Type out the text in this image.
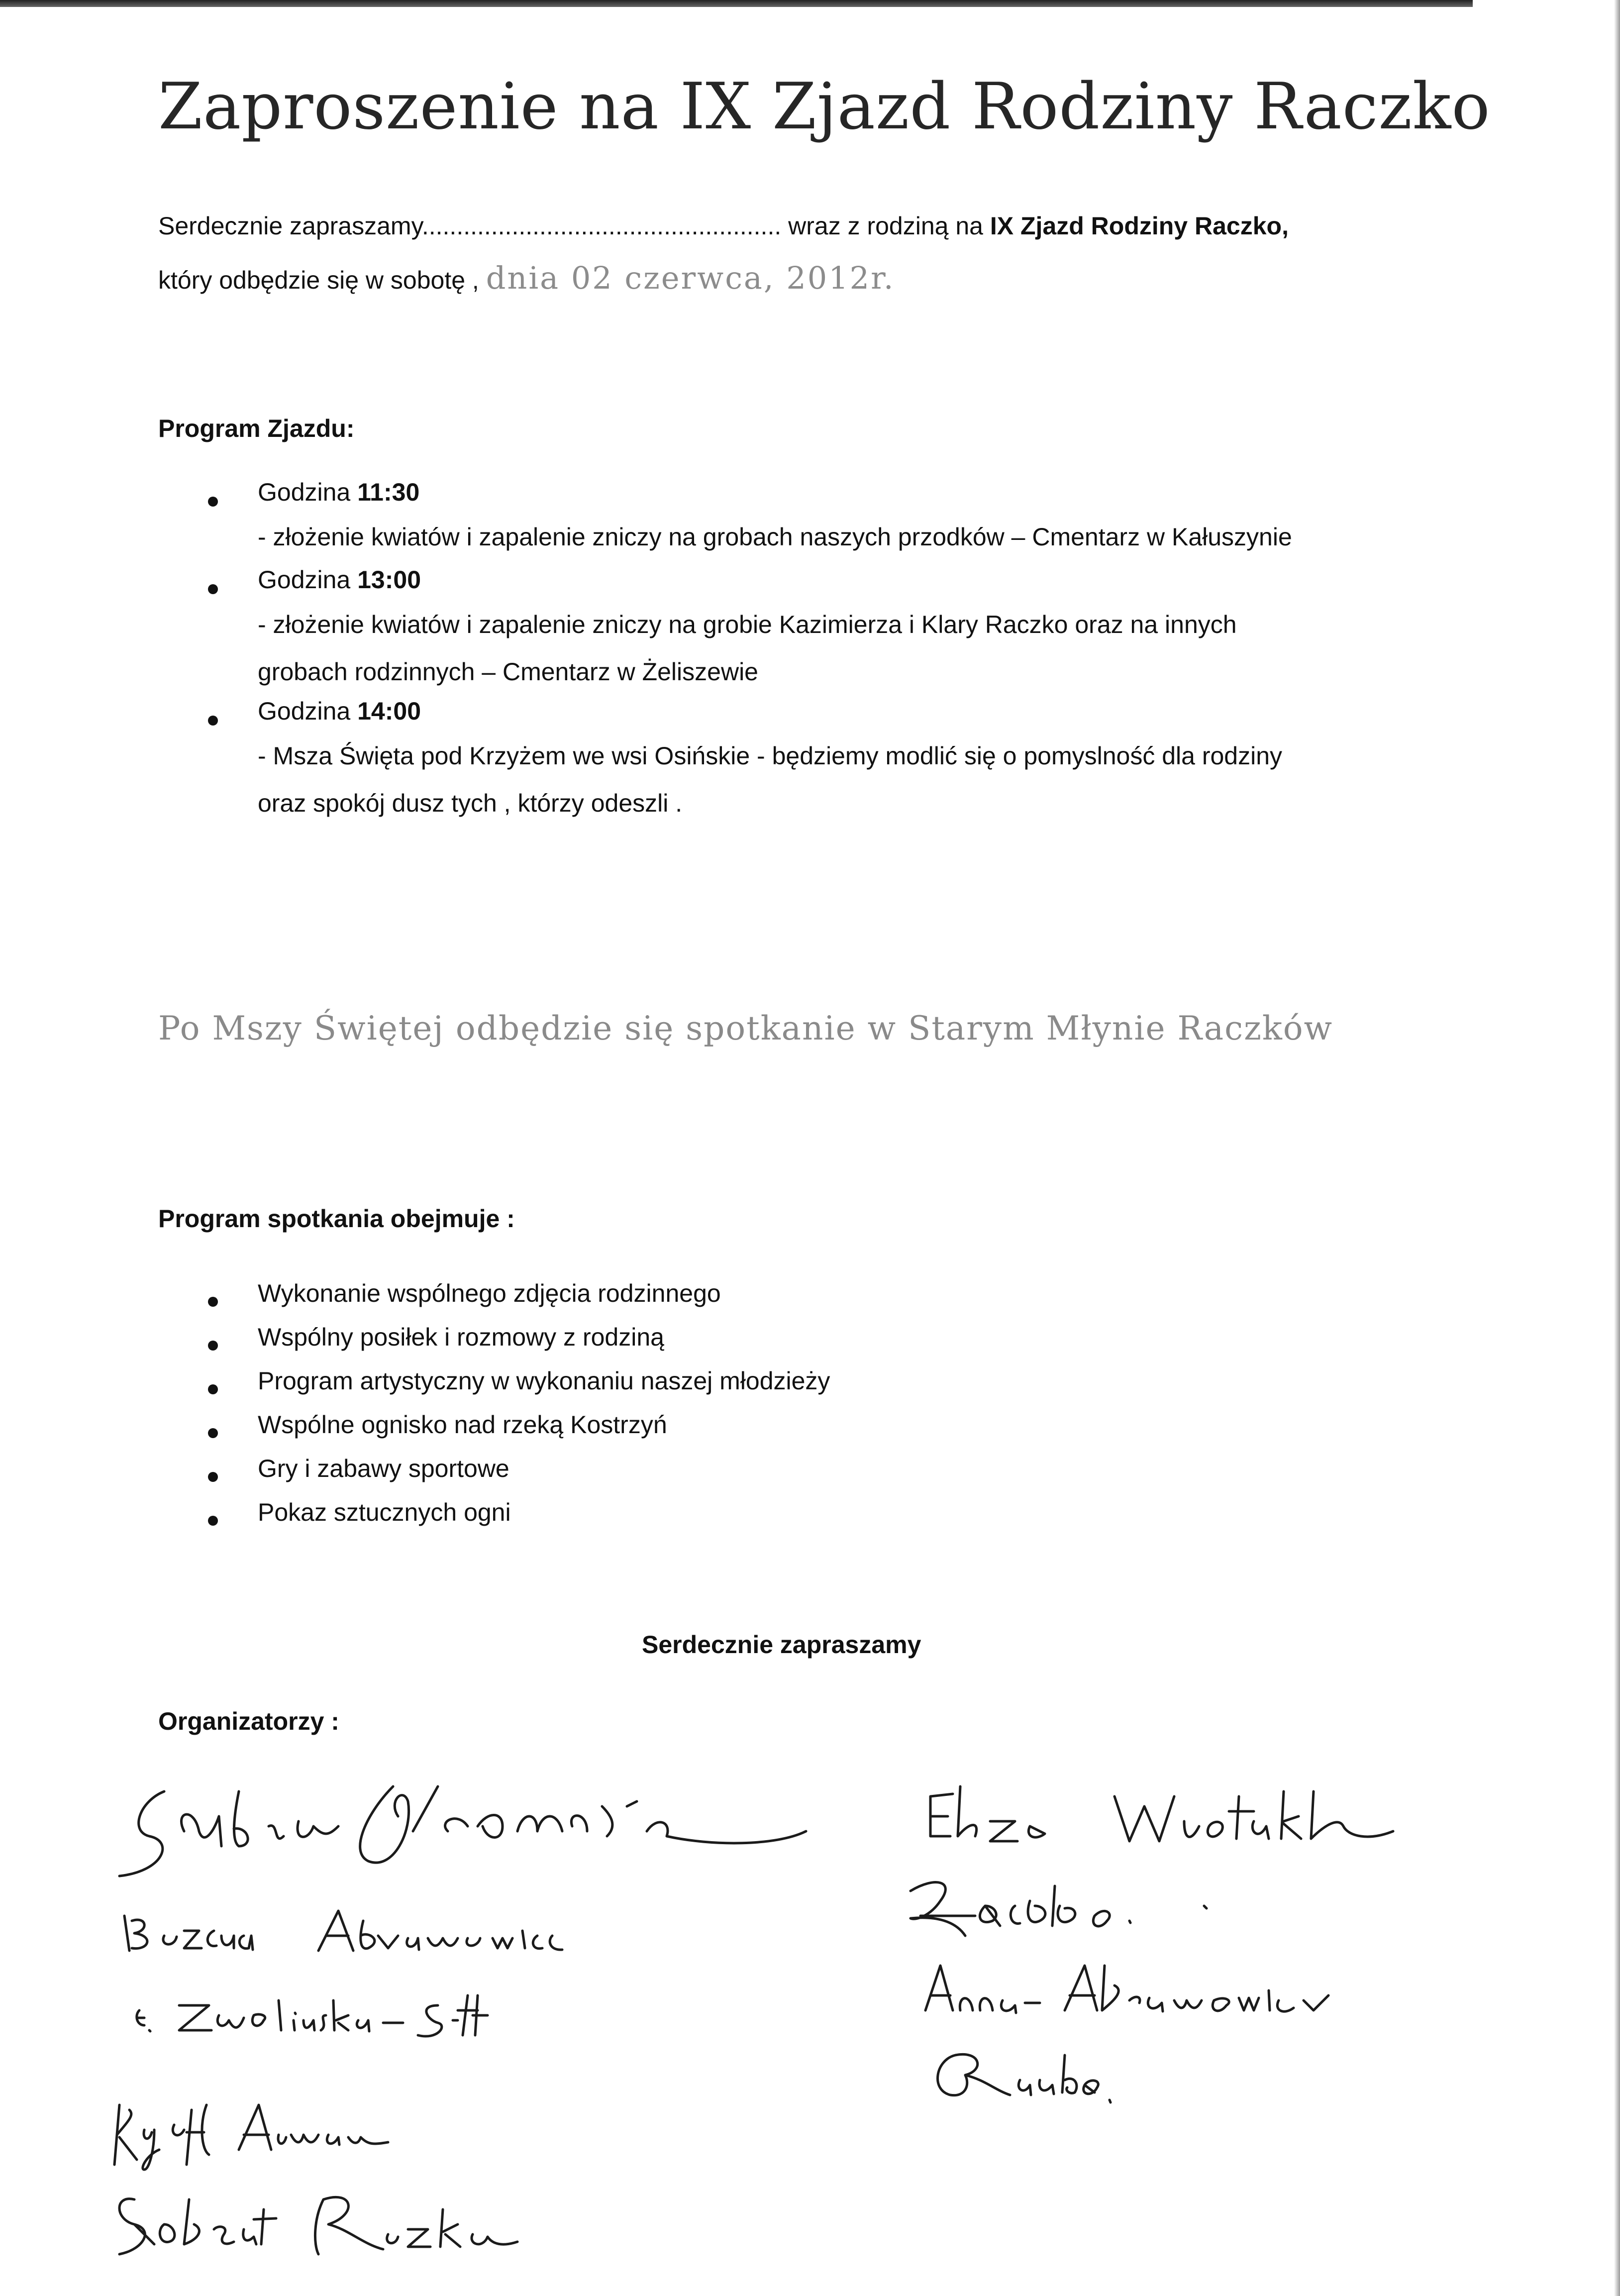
Zaproszenie na IX Zjazd Rodziny Raczko
Serdecznie zapraszamy.................................................... wraz z rodziną na IX Zjazd Rodziny Raczko,
który odbędzie się w sobotę , dnia 02 czerwca, 2012r.
Program Zjazdu:
Godzina 11:30
- złożenie kwiatów i zapalenie zniczy na grobach naszych przodków – Cmentarz w Kałuszynie
Godzina 13:00
- złożenie kwiatów i zapalenie zniczy na grobie Kazimierza i Klary Raczko oraz na innych
grobach rodzinnych – Cmentarz w Żeliszewie
Godzina 14:00
- Msza Święta pod Krzyżem we wsi Osińskie - będziemy modlić się o pomyslność dla rodziny
oraz spokój dusz tych , którzy odeszli .
Po Mszy Świętej odbędzie się spotkanie w Starym Młynie Raczków
Program spotkania obejmuje :
Wykonanie wspólnego zdjęcia rodzinnego
Wspólny posiłek i rozmowy z rodziną
Program artystyczny w wykonaniu naszej młodzieży
Wspólne ognisko nad rzeką Kostrzyń
Gry i zabawy sportowe
Pokaz sztucznych ogni
Serdecznie zapraszamy
Organizatorzy :
